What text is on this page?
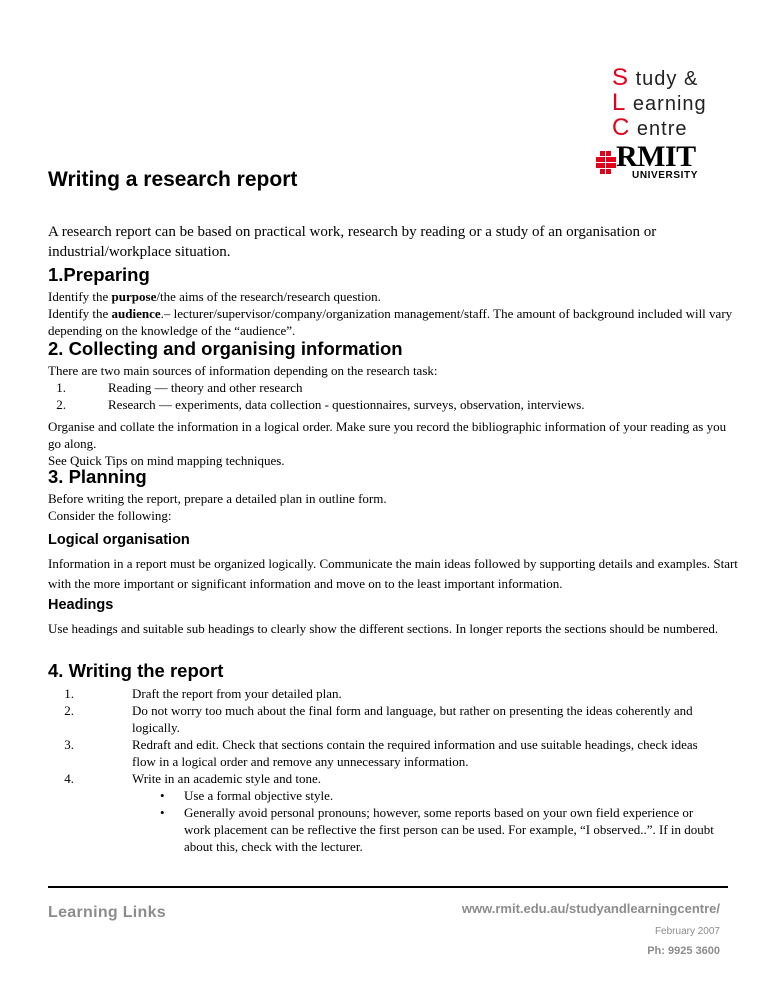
S tudy &
L earning
C entre
RMIT
UNIVERSITY
Writing a research report
A research report can be based on practical work, research by reading or a study of an organisation or industrial/workplace situation.
1.Preparing
Identify the purpose/the aims of the research/research question.
Identify the audience.– lecturer/supervisor/company/organization management/staff. The amount of background included will vary depending on the knowledge of the “audience”.
2. Collecting and organising information
There are two main sources of information depending on the research task:
1.	Reading — theory and other research
2.	Research — experiments, data collection - questionnaires, surveys, observation, interviews.
Organise and collate the information in a logical order. Make sure you record the bibliographic information of your reading as you go along.
See Quick Tips on mind mapping techniques.
3. Planning
Before writing the report, prepare a detailed plan in outline form.
Consider the following:
Logical organisation
Information in a report must be organized logically. Communicate the main ideas followed by supporting details and examples. Start with the more important or significant information and move on to the least important information.
Headings
Use headings and suitable sub headings to clearly show the different sections. In longer reports the sections should be numbered.
4. Writing the report
1.	Draft the report from your detailed plan.
2.	Do not worry too much about the final form and language, but rather on presenting the ideas coherently and logically.
3.	Redraft and edit. Check that sections contain the required information and use suitable headings, check ideas flow in a logical order and remove any unnecessary information.
4.	Write in an academic style and tone.
•	Use a formal objective style.
•	Generally avoid personal pronouns; however, some reports based on your own field experience or work placement can be reflective the first person can be used. For example, “I observed..”. If in doubt about this, check with the lecturer.
Learning Links	www.rmit.edu.au/studyandlearningcentre/
February 2007
Ph: 9925 3600
